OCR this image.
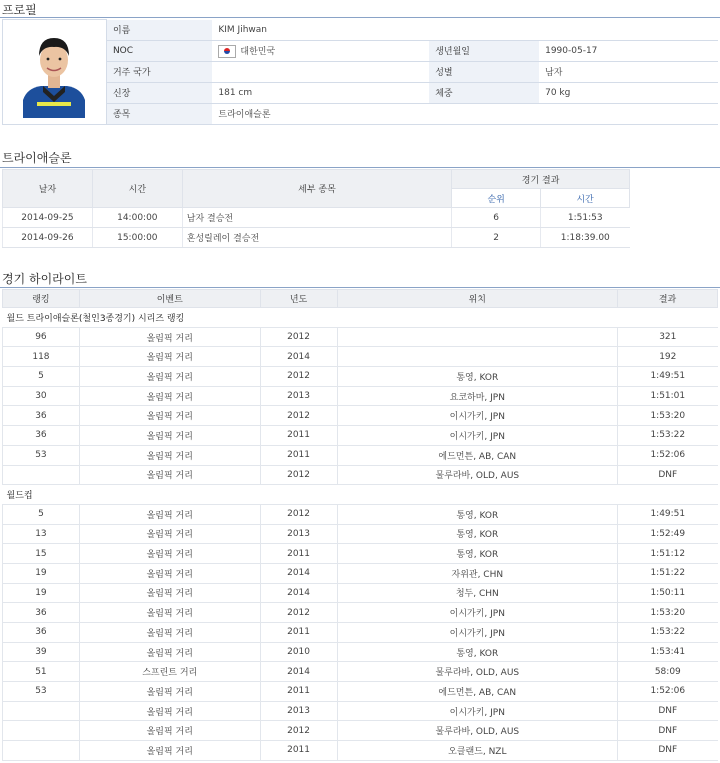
프로필
	이름	KIM Jihwan		
	NOC	대한민국	생년월일	1990-05-17
	거주 국가		성별	남자
	신장	181 cm	체중	70 kg
	종목	트라이애슬론		
트라이애슬론
날자	시간	세부 종목	경기 결과	
			순위	시간
2014-09-25	14:00:00	남자 결승전	6	1:51:53
2014-09-26	15:00:00	혼성릴레이 결승전	2	1:18:39.00
경기 하이라이트
랭킹	이벤트	년도	위치	결과
월드 트라이애슬론(철인3종경기) 시리즈 랭킹				
96	올림픽 거리	2012		321
118	올림픽 거리	2014		192
5	올림픽 거리	2012	통영, KOR	1:49:51
30	올림픽 거리	2013	요코하마, JPN	1:51:01
36	올림픽 거리	2012	이시가키, JPN	1:53:20
36	올림픽 거리	2011	이시가키, JPN	1:53:22
53	올림픽 거리	2011	에드먼튼, AB, CAN	1:52:06
	올림픽 거리	2012	물루라바, OLD, AUS	DNF
월드컵				
5	올림픽 거리	2012	통영, KOR	1:49:51
13	올림픽 거리	2013	통영, KOR	1:52:49
15	올림픽 거리	2011	통영, KOR	1:51:12
19	올림픽 거리	2014	자위관, CHN	1:51:22
19	올림픽 거리	2014	청두, CHN	1:50:11
36	올림픽 거리	2012	이시가키, JPN	1:53:20
36	올림픽 거리	2011	이시가키, JPN	1:53:22
39	올림픽 거리	2010	통영, KOR	1:53:41
51	스프린트 거리	2014	물루라바, OLD, AUS	58:09
53	올림픽 거리	2011	에드먼튼, AB, CAN	1:52:06
	올림픽 거리	2013	이시가키, JPN	DNF
	올림픽 거리	2012	물루라바, OLD, AUS	DNF
	올림픽 거리	2011	오클랜드, NZL	DNF
